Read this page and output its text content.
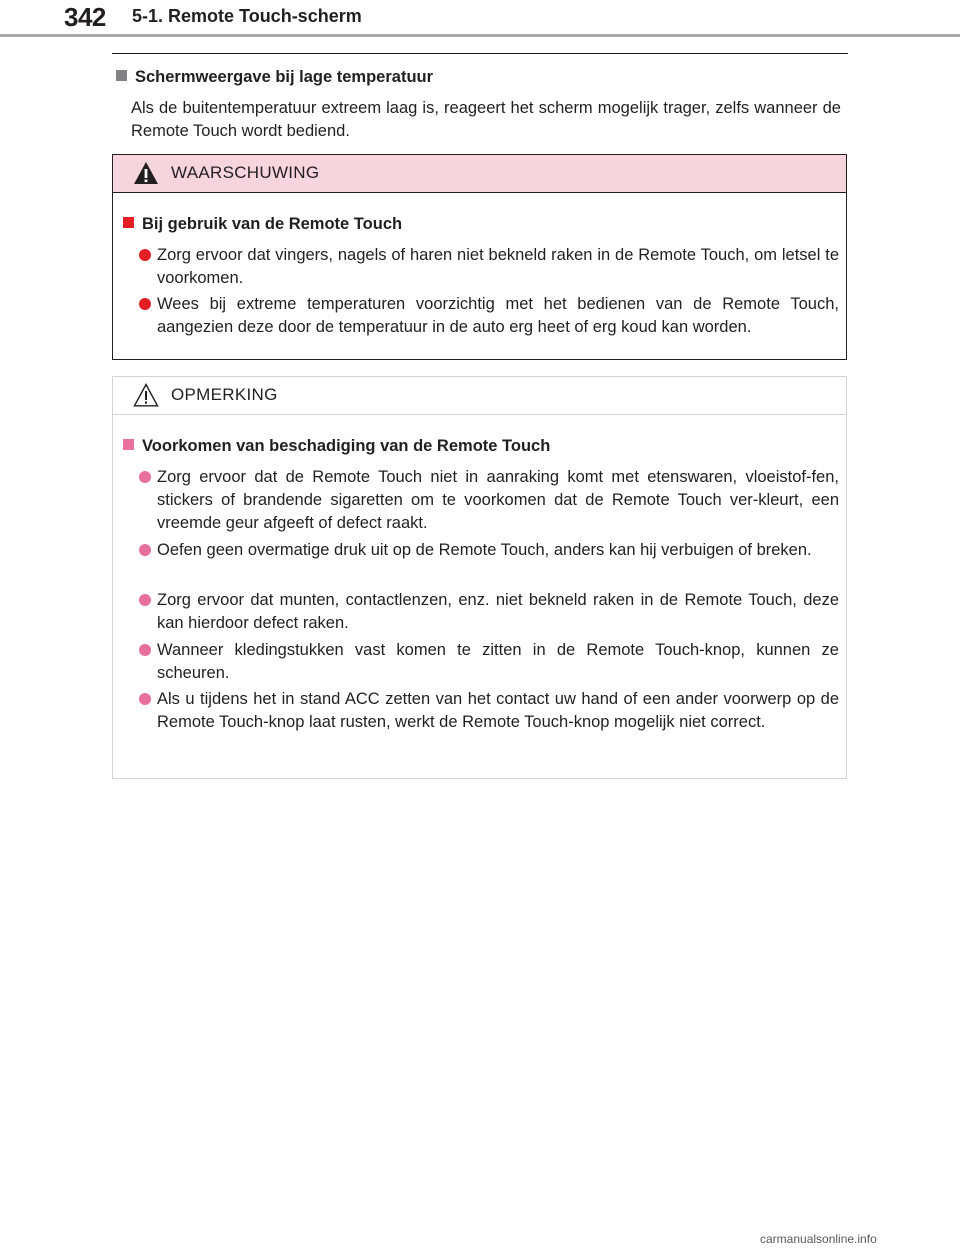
342 5-1. Remote Touch-scherm
Schermweergave bij lage temperatuur
Als de buitentemperatuur extreem laag is, reageert het scherm mogelijk trager, zelfs wanneer de Remote Touch wordt bediend.
WAARSCHUWING
Bij gebruik van de Remote Touch
Zorg ervoor dat vingers, nagels of haren niet bekneld raken in de Remote Touch, om letsel te voorkomen.
Wees bij extreme temperaturen voorzichtig met het bedienen van de Remote Touch, aangezien deze door de temperatuur in de auto erg heet of erg koud kan worden.
OPMERKING
Voorkomen van beschadiging van de Remote Touch
Zorg ervoor dat de Remote Touch niet in aanraking komt met etenswaren, vloeistof-fen, stickers of brandende sigaretten om te voorkomen dat de Remote Touch ver-kleurt, een vreemde geur afgeeft of defect raakt.
Oefen geen overmatige druk uit op de Remote Touch, anders kan hij verbuigen of breken.
Zorg ervoor dat munten, contactlenzen, enz. niet bekneld raken in de Remote Touch, deze kan hierdoor defect raken.
Wanneer kledingstukken vast komen te zitten in de Remote Touch-knop, kunnen ze scheuren.
Als u tijdens het in stand ACC zetten van het contact uw hand of een ander voorwerp op de Remote Touch-knop laat rusten, werkt de Remote Touch-knop mogelijk niet correct.
carmanualsonline.info
